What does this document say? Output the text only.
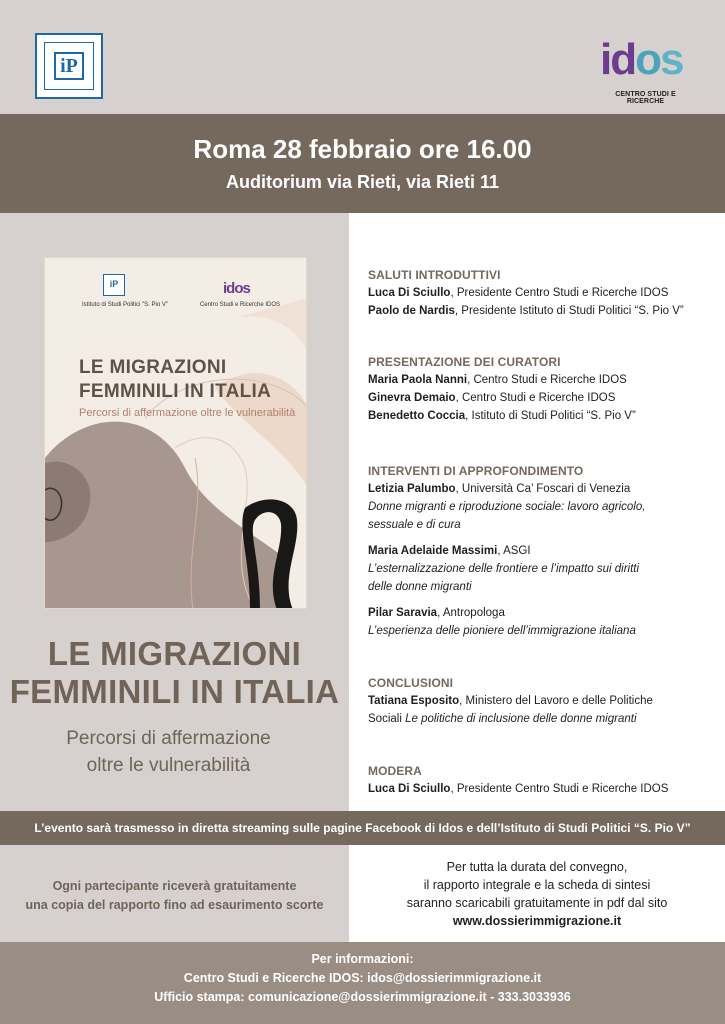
iP	idos
CENTRO STUDI E RICERCHE
Roma 28 febbraio ore 16.00
Auditorium via Rieti, via Rieti 11
iP
Istituto di Studi Politici "S. Pio V"
idos
Centro Studi e Ricerche IDOS
LE MIGRAZIONI
FEMMINILI IN ITALIA
Percorsi di affermazione oltre le vulnerabilità
LE MIGRAZIONI
FEMMINILI IN ITALIA
Percorsi di affermazione
oltre le vulnerabilità
SALUTI INTRODUTTIVI

Luca Di Sciullo, Presidente Centro Studi e Ricerche IDOS

Paolo de Nardis, Presidente Istituto di Studi Politici “S. Pio V”

PRESENTAZIONE DEI CURATORI

Maria Paola Nanni, Centro Studi e Ricerche IDOS

Ginevra Demaio, Centro Studi e Ricerche IDOS

Benedetto Coccia, Istituto di Studi Politici “S. Pio V”

INTERVENTI DI APPROFONDIMENTO

Letizia Palumbo, Università Ca’ Foscari di Venezia

Donne migranti e riproduzione sociale: lavoro agricolo,

sessuale e di cura

Maria Adelaide Massimi, ASGI

L’esternalizzazione delle frontiere e l’impatto sui diritti

delle donne migranti

Pilar Saravia, Antropologa

L’esperienza delle pioniere dell’immigrazione italiana

CONCLUSIONI

Tatiana Esposito, Ministero del Lavoro e delle Politiche

Sociali Le politiche di inclusione delle donne migranti

MODERA

Luca Di Sciullo, Presidente Centro Studi e Ricerche IDOS

L’evento sarà trasmesso in diretta streaming sulle pagine Facebook di Idos e dell’Istituto di Studi Politici “S. Pio V”
Ogni partecipante riceverà gratuitamente
una copia del rapporto fino ad esaurimento scorte
Per tutta la durata del convegno,
il rapporto integrale e la scheda di sintesi
saranno scaricabili gratuitamente in pdf dal sito
www.dossierimmigrazione.it
Per informazioni:
Centro Studi e Ricerche IDOS: idos@dossierimmigrazione.it
Ufficio stampa: comunicazione@dossierimmigrazione.it - 333.3033936
